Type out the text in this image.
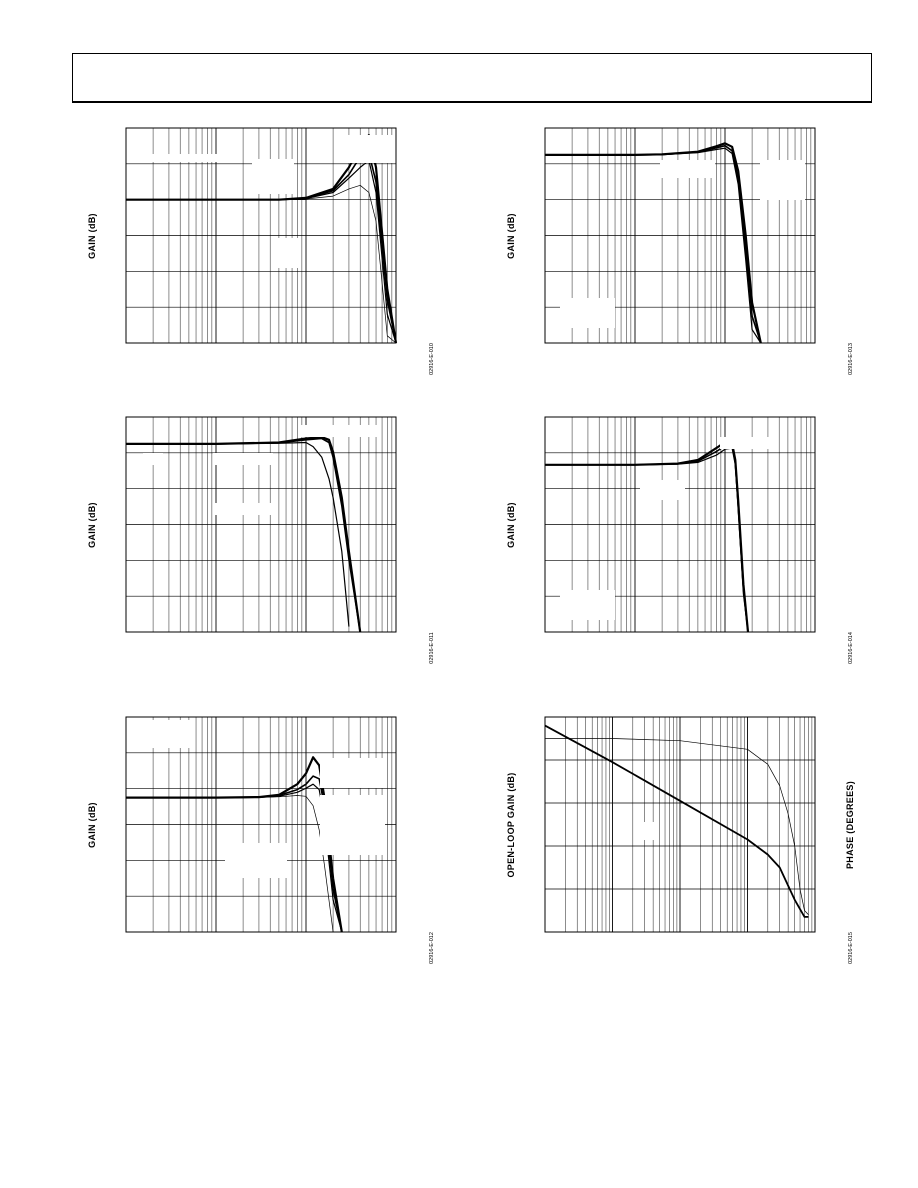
GAIN (dB)
02916-E-010
GAIN (dB)
02916-E-013
GAIN (dB)
02916-E-011
GAIN (dB)
02916-E-014
GAIN (dB)
02916-E-012
OPEN-LOOP GAIN (dB)	PHASE (DEGREES)
02916-E-015
